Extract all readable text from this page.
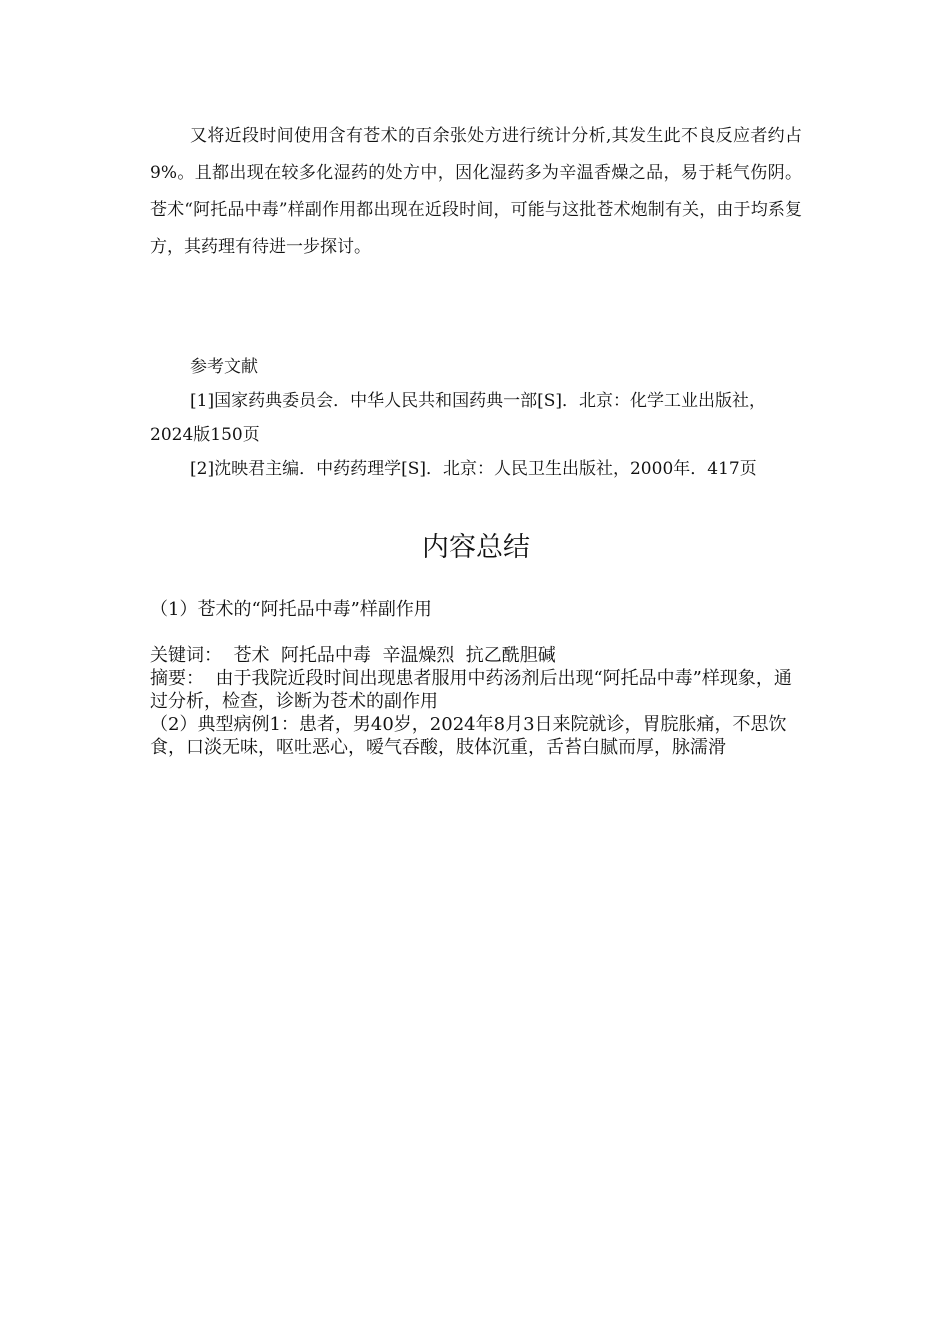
又将近段时间使用含有苍术的百余张处方进行统计分析,其发生此不良反应者约占9%。且都出现在较多化湿药的处方中，因化湿药多为辛温香燥之品，易于耗气伤阴。苍术“阿托品中毒”样副作用都出现在近段时间，可能与这批苍术炮制有关，由于均系复方，其药理有待进一步探讨。

参考文献

[1]国家药典委员会．中华人民共和国药典一部[S]．北京：化学工业出版社，2024版150页

[2]沈映君主编．中药药理学[S]．北京：人民卫生出版社，2000年．417页

内容总结

（1）苍术的“阿托品中毒”样副作用

关键词： 苍术  阿托品中毒  辛温燥烈  抗乙酰胆碱

摘要： 由于我院近段时间出现患者服用中药汤剂后出现“阿托品中毒”样现象，通过分析，检查，诊断为苍术的副作用

（2）典型病例1：患者，男40岁，2024年8月3日来院就诊，胃脘胀痛，不思饮食，口淡无味，呕吐恶心，嗳气吞酸，肢体沉重，舌苔白腻而厚，脉濡滑
